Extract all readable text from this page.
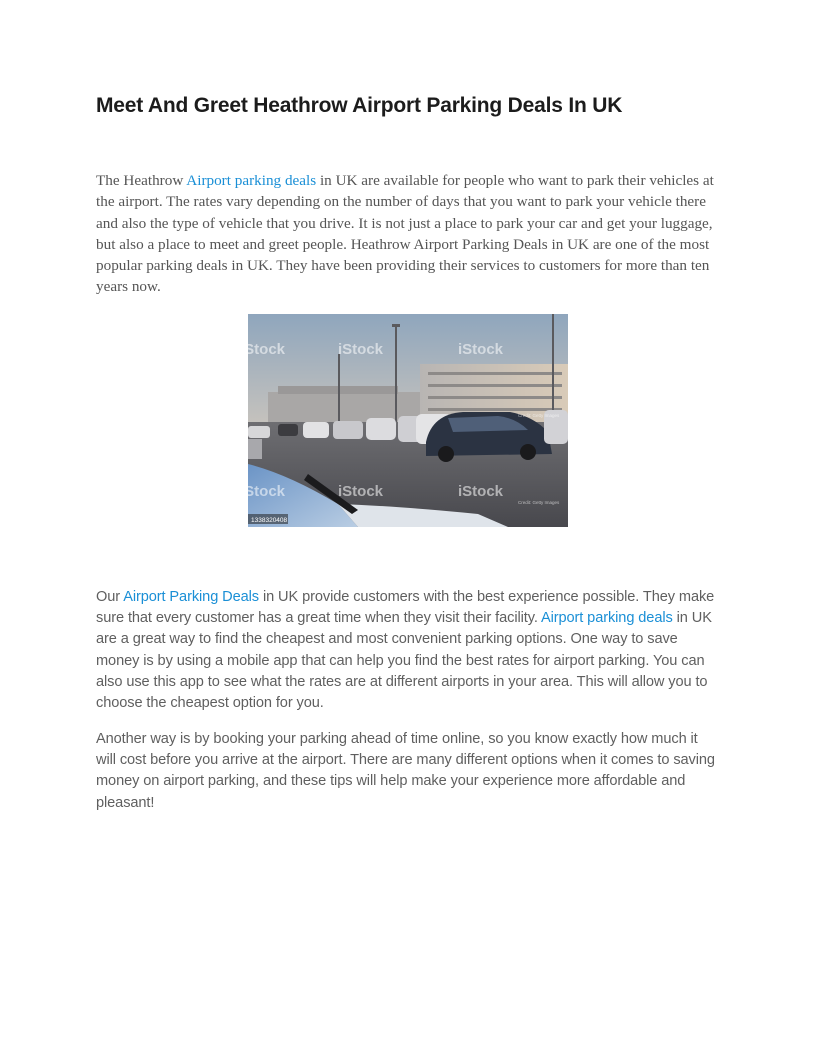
Meet And Greet Heathrow Airport Parking Deals In UK

The Heathrow Airport parking deals in UK are available for people who want to park their vehicles at the airport. The rates vary depending on the number of days that you want to park your vehicle there and also the type of vehicle that you drive. It is not just a place to park your car and get your luggage, but also a place to meet and greet people. Heathrow Airport Parking Deals in UK are one of the most popular parking deals in UK. They have been providing their services to customers for more than ten years now.

Our Airport Parking Deals in UK provide customers with the best experience possible. They make sure that every customer has a great time when they visit their facility. Airport parking deals in UK are a great way to find the cheapest and most convenient parking options. One way to save money is by using a mobile app that can help you find the best rates for airport parking. You can also use this app to see what the rates are at different airports in your area. This will allow you to choose the cheapest option for you.

Another way is by booking your parking ahead of time online, so you know exactly how much it will cost before you arrive at the airport. There are many different options when it comes to saving money on airport parking, and these tips will help make your experience more affordable and pleasant!

iStock	iStock	iStock
iStock	iStock	iStock
Credit: Getty Images
Credit: Getty Images
1338320408
